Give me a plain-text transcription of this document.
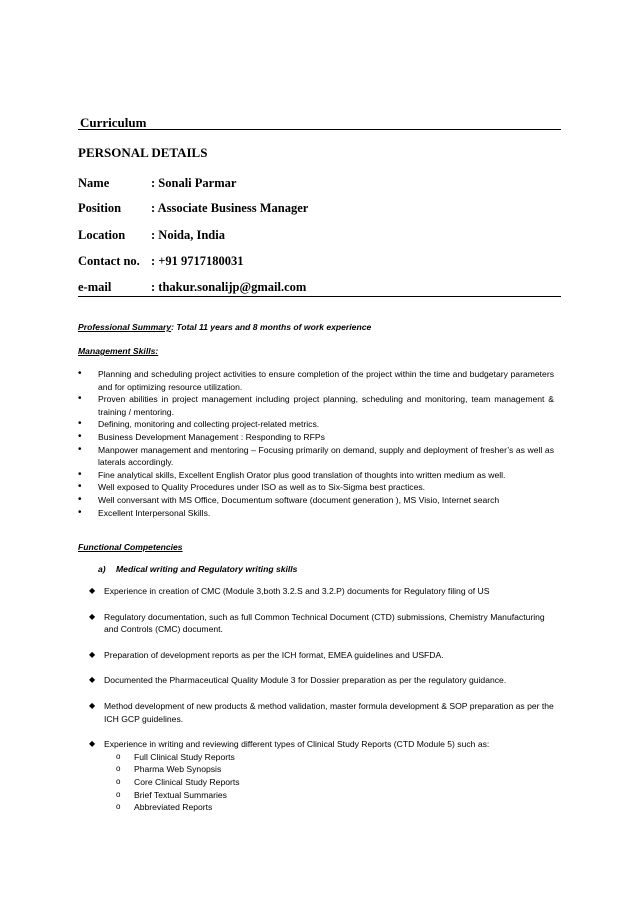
Curriculum
PERSONAL DETAILS
Name	: Sonali Parmar
Position : Associate Business Manager
Location : Noida, India
Contact no. : +91 9717180031
e-mail	: thakur.sonalijp@gmail.com
Professional Summary: Total 11 years and 8 months of work experience
Management Skills:
• Planning and scheduling project activities to ensure completion of the project within the time and budgetary parameters and for optimizing resource utilization.
• Proven abilities in project management including project planning, scheduling and monitoring, team management & training / mentoring.
• Defining, monitoring and collecting project-related metrics.
• Business Development Management : Responding to RFPs
• Manpower management and mentoring – Focusing primarily on demand, supply and deployment of fresher’s as well as laterals accordingly.
• Fine analytical skills, Excellent English Orator plus good translation of thoughts into written medium as well.
• Well exposed to Quality Procedures under ISO as well as to Six-Sigma best practices.
• Well conversant with MS Office, Documentum software (document generation ), MS Visio, Internet search
• Excellent Interpersonal Skills.
Functional Competencies
a) Medical writing and Regulatory writing skills
◆ Experience in creation of CMC (Module 3,both 3.2.S and 3.2.P) documents for Regulatory filing of US
◆ Regulatory documentation, such as full Common Technical Document (CTD) submissions, Chemistry Manufacturing and Controls (CMC) document.
◆ Preparation of development reports as per the ICH format, EMEA guidelines and USFDA.
◆ Documented the Pharmaceutical Quality Module 3 for Dossier preparation as per the regulatory guidance.
◆ Method development of new products & method validation, master formula development & SOP preparation as per the ICH GCP guidelines.
◆ Experience in writing and reviewing different types of Clinical Study Reports (CTD Module 5) such as:
o Full Clinical Study Reports
o Pharma Web Synopsis
o Core Clinical Study Reports
o Brief Textual Summaries
o Abbreviated Reports
